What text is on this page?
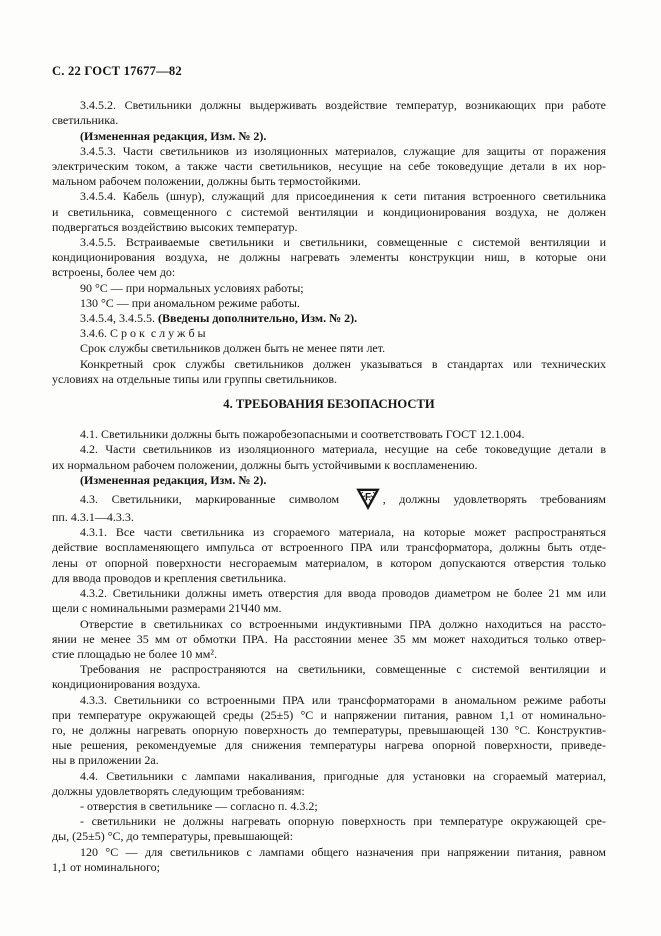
С. 22 ГОСТ 17677—82
3.4.5.2. Светильники должны выдерживать воздействие температур, возникающих при работе
светильника.
(Измененная редакция, Изм. № 2).
3.4.5.3. Части светильников из изоляционных материалов, служащие для защиты от поражения
электрическим током, а также части светильников, несущие на себе токоведущие детали в их нор-
мальном рабочем положении, должны быть термостойкими.
3.4.5.4. Кабель (шнур), служащий для присоединения к сети питания встроенного светильника
и светильника, совмещенного с системой вентиляции и кондиционирования воздуха, не должен
подвергаться воздействию высоких температур.
3.4.5.5. Встраиваемые светильники и светильники, совмещенные с системой вентиляции и
кондиционирования воздуха, не должны нагревать элементы конструкции ниш, в которые они
встроены, более чем до:
90 °С — при нормальных условиях работы;
130 °С — при аномальном режиме работы.
3.4.5.4, 3.4.5.5. (Введены дополнительно, Изм. № 2).
3.4.6. С р о к  с л у ж б ы
Срок службы светильников должен быть не менее пяти лет.
Конкретный срок службы светильников должен указываться в стандартах или технических
условиях на отдельные типы или группы светильников.
4. ТРЕБОВАНИЯ БЕЗОПАСНОСТИ
4.1. Светильники должны быть пожаробезопасными и соответствовать ГОСТ 12.1.004.
4.2. Части светильников из изоляционного материала, несущие на себе токоведущие детали в
их нормальном рабочем положении, должны быть устойчивыми к воспламенению.
(Измененная редакция, Изм. № 2).
4.3. Светильники, маркированные символом F , должны удовлетворять требованиям
пп. 4.3.1—4.3.3.
4.3.1. Все части светильника из сгораемого материала, на которые может распространяться
действие воспламеняющего импульса от встроенного ПРА или трансформатора, должны быть отде-
лены от опорной поверхности несгораемым материалом, в котором допускаются отверстия только
для ввода проводов и крепления светильника.
4.3.2. Светильники должны иметь отверстия для ввода проводов диаметром не более 21 мм или
щели с номинальными размерами 21Ч40 мм.
Отверстие в светильниках со встроенными индуктивными ПРА должно находиться на рассто-
янии не менее 35 мм от обмотки ПРА. На расстоянии менее 35 мм может находиться только отвер-
стие площадью не более 10 мм².
Требования не распространяются на светильники, совмещенные с системой вентиляции и
кондиционирования воздуха.
4.3.3. Светильники со встроенными ПРА или трансформаторами в аномальном режиме работы
при температуре окружающей среды (25±5) °С и напряжении питания, равном 1,1 от номинально-
го, не должны нагревать опорную поверхность до температуры, превышающей 130 °С. Конструктив-
ные решения, рекомендуемые для снижения температуры нагрева опорной поверхности, приведе-
ны в приложении 2а.
4.4. Светильники с лампами накаливания, пригодные для установки на сгораемый материал,
должны удовлетворять следующим требованиям:
- отверстия в светильнике — согласно п. 4.3.2;
- светильники не должны нагревать опорную поверхность при температуре окружающей сре-
ды, (25±5) °С, до температуры, превышающей:
120 °С — для светильников с лампами общего назначения при напряжении питания, равном
1,1 от номинального;
